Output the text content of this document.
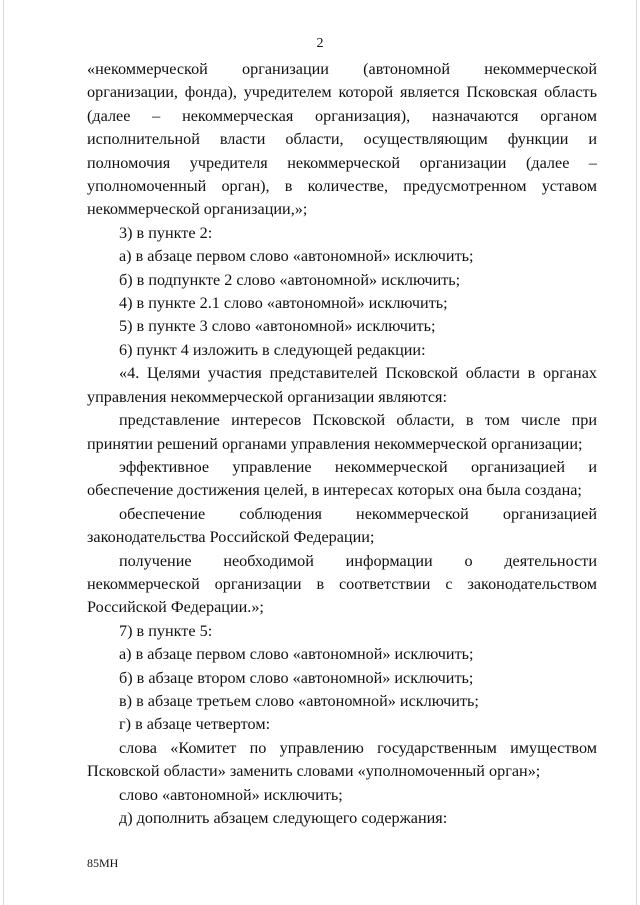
2

«некоммерческой организации (автономной некоммерческой организации, фонда), учредителем которой является Псковская область (далее – некоммерческая организация), назначаются органом исполнительной власти области, осуществляющим функции и полномочия учредителя некоммерческой организации (далее – уполномоченный орган), в количестве, предусмотренном уставом некоммерческой организации,»;

3) в пункте 2:

а) в абзаце первом слово «автономной» исключить;

б) в подпункте 2 слово «автономной» исключить;

4) в пункте 2.1 слово «автономной» исключить;

5) в пункте 3 слово «автономной» исключить;

6) пункт 4 изложить в следующей редакции:

«4. Целями участия представителей Псковской области в органах управления некоммерческой организации являются:

представление интересов Псковской области, в том числе при принятии решений органами управления некоммерческой организации;

эффективное управление некоммерческой организацией и обеспечение достижения целей, в интересах которых она была создана;

обеспечение соблюдения некоммерческой организацией законодательства Российской Федерации;

получение необходимой информации о деятельности некоммерческой организации в соответствии с законодательством Российской Федерации.»;

7) в пункте 5:

а) в абзаце первом слово «автономной» исключить;

б) в абзаце втором слово «автономной» исключить;

в) в абзаце третьем слово «автономной» исключить;

г) в абзаце четвертом:

слова «Комитет по управлению государственным имуществом Псковской области» заменить словами «уполномоченный орган»;

слово «автономной» исключить;

д) дополнить абзацем следующего содержания:

85МН
